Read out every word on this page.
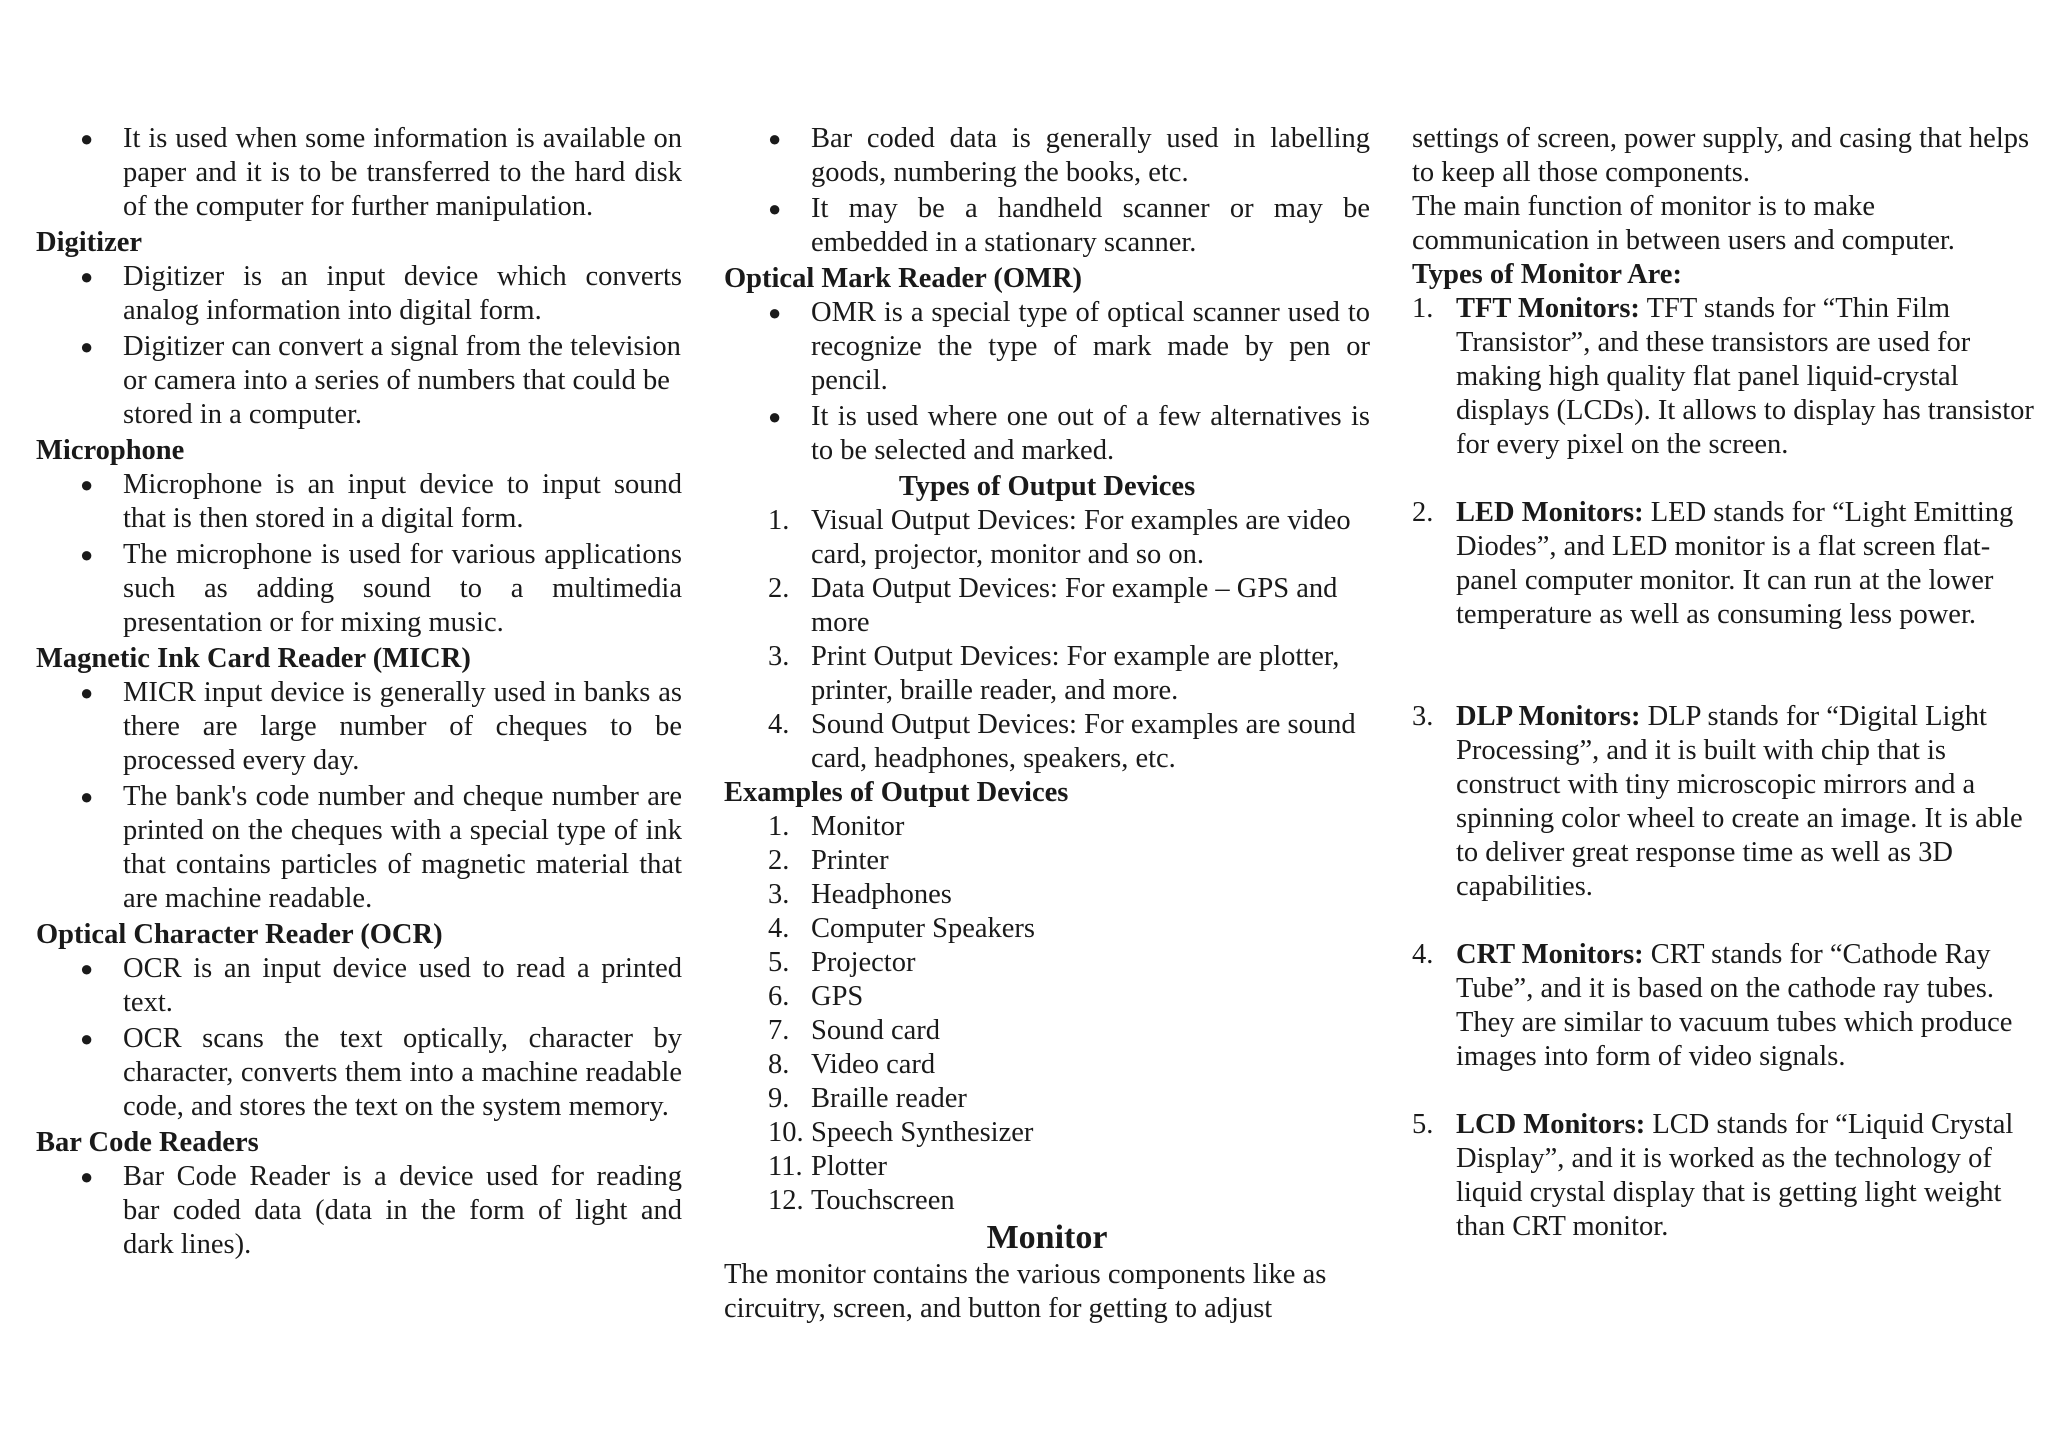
● It is used when some information is available on paper and it is to be transferred to the hard disk of the computer for further manipulation.

Digitizer

● Digitizer is an input device which converts analog information into digital form.
● Digitizer can convert a signal from the television or camera into a series of numbers that could be stored in a computer.

Microphone

● Microphone is an input device to input sound that is then stored in a digital form.
● The microphone is used for various applications such as adding sound to a multimedia presentation or for mixing music.

Magnetic Ink Card Reader (MICR)

● MICR input device is generally used in banks as there are large number of cheques to be processed every day.
● The bank's code number and cheque number are printed on the cheques with a special type of ink that contains particles of magnetic material that are machine readable.

Optical Character Reader (OCR)

● OCR is an input device used to read a printed text.
● OCR scans the text optically, character by character, converts them into a machine readable code, and stores the text on the system memory.

Bar Code Readers

● Bar Code Reader is a device used for reading bar coded data (data in the form of light and dark lines).
● Bar coded data is generally used in labelling goods, numbering the books, etc.
● It may be a handheld scanner or may be embedded in a stationary scanner.

Optical Mark Reader (OMR)

● OMR is a special type of optical scanner used to recognize the type of mark made by pen or pencil.
● It is used where one out of a few alternatives is to be selected and marked.

Types of Output Devices

1. Visual Output Devices: For examples are video card, projector, monitor and so on.
2. Data Output Devices: For example – GPS and more
3. Print Output Devices: For example are plotter, printer, braille reader, and more.
4. Sound Output Devices: For examples are sound card, headphones, speakers, etc.

Examples of Output Devices

1. Monitor
2. Printer
3. Headphones
4. Computer Speakers
5. Projector
6. GPS
7. Sound card
8. Video card
9. Braille reader
10. Speech Synthesizer
11. Plotter
12. Touchscreen

Monitor

The monitor contains the various components like as circuitry, screen, and button for getting to adjust

settings of screen, power supply, and casing that helps to keep all those components.

The main function of monitor is to make communication in between users and computer.

Types of Monitor Are:

1. TFT Monitors: TFT stands for “Thin Film Transistor”, and these transistors are used for making high quality flat panel liquid-crystal displays (LCDs). It allows to display has transistor for every pixel on the screen.
2. LED Monitors: LED stands for “Light Emitting Diodes”, and LED monitor is a flat screen flat-panel computer monitor. It can run at the lower temperature as well as consuming less power.
3. DLP Monitors: DLP stands for “Digital Light Processing”, and it is built with chip that is construct with tiny microscopic mirrors and a spinning color wheel to create an image. It is able to deliver great response time as well as 3D capabilities.
4. CRT Monitors: CRT stands for “Cathode Ray Tube”, and it is based on the cathode ray tubes. They are similar to vacuum tubes which produce images into form of video signals.
5. LCD Monitors: LCD stands for “Liquid Crystal Display”, and it is worked as the technology of liquid crystal display that is getting light weight than CRT monitor.
